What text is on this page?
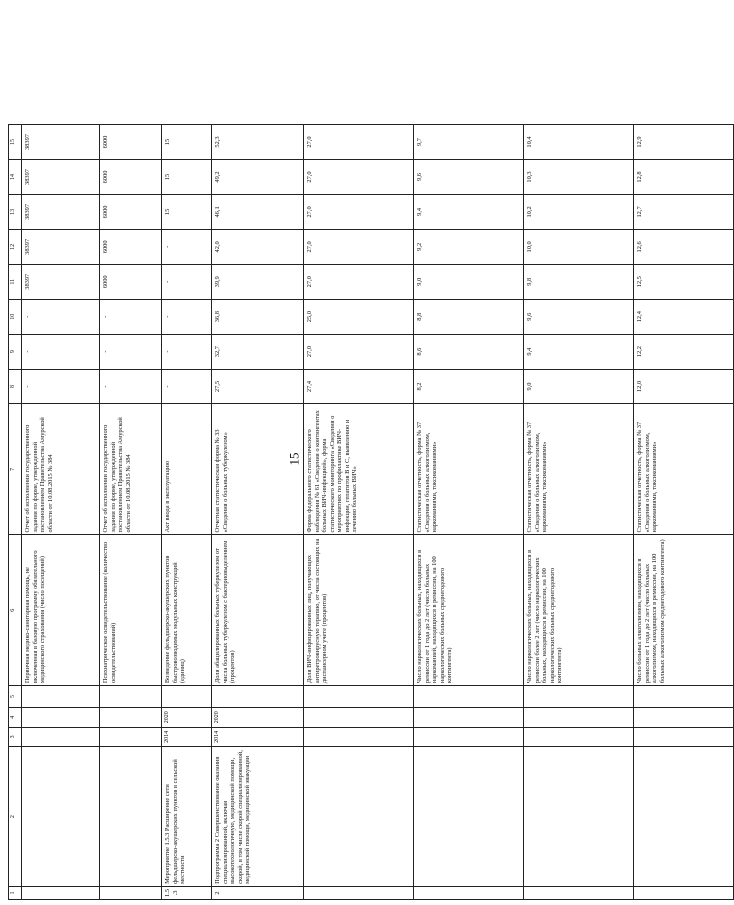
15
1	2	3	4	5	6	7	8	9	10	11	12	13	14	15
					Первичная медико-санитарная помощь, не включенная в базовую программу обязательного медицинского страхования (число посещений)	Отчет об исполнении государственного задания по форме, утвержденной постановлением Правительства Амурской области от 10.08.2015 № 384	-	-	-	38397	38397	38397	38397	38397
					Психиатрическое освидетельствование (количество освидетельствований)	Отчет об исполнении государственного задания по форме, утвержденной постановлением Правительства Амурской области от 10.08.2015 № 384	-	-	-	6000	6000	6000	6000	6000
1.5.3	Мероприятие 1.5.3 Расширение сети фельдшерско-акушерских пунктов в сельской местности	2014	2020		Возведение фельдшерско-акушерских пунктов быстровозводимых модульных конструкций (единиц)	Акт ввода в эксплуатацию	-	-	-	-	-	15	15	15
2	Подпрограмма 2 Совершенствование оказания специализированной, включая высокотехнологичную, медицинской помощи, скорой, в том числе скорой специализированной, медицинской помощи, медицинской эвакуации	2014	2020		Доля абацилированных больных туберкулезом от числа больных туберкулезом с бактериовыделением (процентов)	Отчетная статистическая форма № 33 «Сведения о больных туберкулезом»	27,5	32,7	36,8	39,9	42,0	46,1	49,2	52,3
					Доля ВИЧ-инфицированных лиц, получающих антиретровирусную терапию, от числа состоящих на диспансерном учете (процентов)	Форма федерального статистического наблюдения № 61 «Сведения о контингентах больных ВИЧ-инфекцией», форма статистического мониторинга «Сведения о мероприятиях по профилактике ВИЧ-инфекции, гепатитов В и С, выявлению и лечению больных ВИЧ»	27,4	27,0	25,0	27,0	27,0	27,0	27,0	27,0
					Число наркологических больных, находящихся в ремиссии от 1 года до 2 лет (число больных наркоманией, находящихся в ремиссии, на 100 наркологических больных среднегодового контингента)	Статистическая отчетность, форма № 37 «Сведения о больных алкоголизмом, наркоманиями, токсикоманиями»	8,2	8,6	8,8	9,0	9,2	9,4	9,6	9,7
					Число наркологических больных, находящихся в ремиссии более 2 лет (число наркологических больных, находящихся в ремиссии, на 100 наркологических больных среднегодового контингента)	Статистическая отчетность, форма № 37 «Сведения о больных алкоголизмом, наркоманиями, токсикоманиями»	9,0	9,4	9,6	9,8	10,0	10,2	10,3	10,4
					Число больных алкоголизмом, находящихся в ремиссии от 1 года до 2 лет (число больных алкоголизмом, находящихся в ремиссии, на 100 больных алкоголизмом среднегодового контингента)	Статистическая отчетность, форма № 37 «Сведения о больных алкоголизмом, наркоманиями, токсикоманиями»	12,0	12,2	12,4	12,5	12,6	12,7	12,8	12,9
